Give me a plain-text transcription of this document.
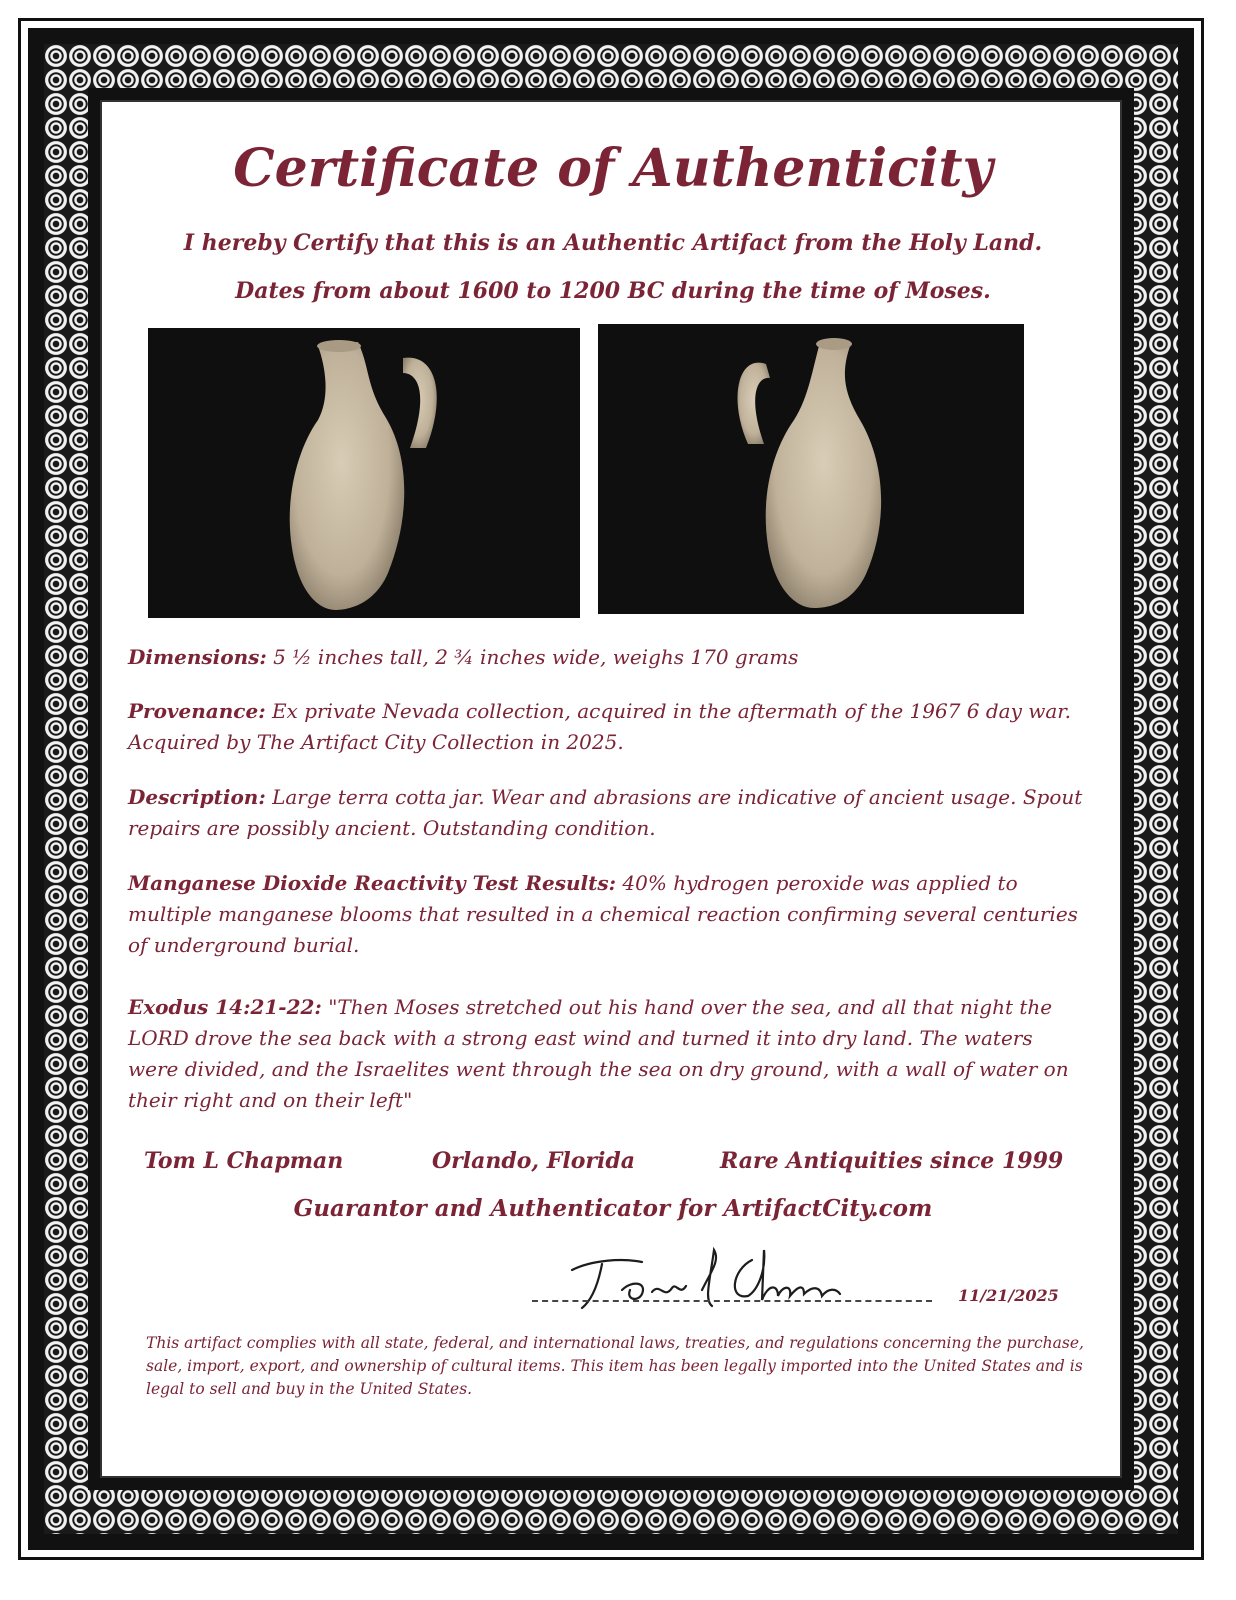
Certificate of Authenticity

I hereby Certify that this is an Authentic Artifact from the Holy Land.

Dates from about 1600 to 1200 BC during the time of Moses.

Dimensions: 5 ½ inches tall, 2 ¾ inches wide, weighs 170 grams

Provenance: Ex private Nevada collection, acquired in the aftermath of the 1967 6 day war. Acquired by The Artifact City Collection in 2025.

Description: Large terra cotta jar. Wear and abrasions are indicative of ancient usage. Spout repairs are possibly ancient. Outstanding condition.

Manganese Dioxide Reactivity Test Results: 40% hydrogen peroxide was applied to multiple manganese blooms that resulted in a chemical reaction confirming several centuries of underground burial.

Exodus 14:21-22: "Then Moses stretched out his hand over the sea, and all that night the LORD drove the sea back with a strong east wind and turned it into dry land. The waters were divided, and the Israelites went through the sea on dry ground, with a wall of water on their right and on their left"

Tom L Chapman	Orlando, Florida	Rare Antiquities since 1999
Guarantor and Authenticator for ArtifactCity.com
11/21/2025

This artifact complies with all state, federal, and international laws, treaties, and regulations concerning the purchase, sale, import, export, and ownership of cultural items. This item has been legally imported into the United States and is legal to sell and buy in the United States.
